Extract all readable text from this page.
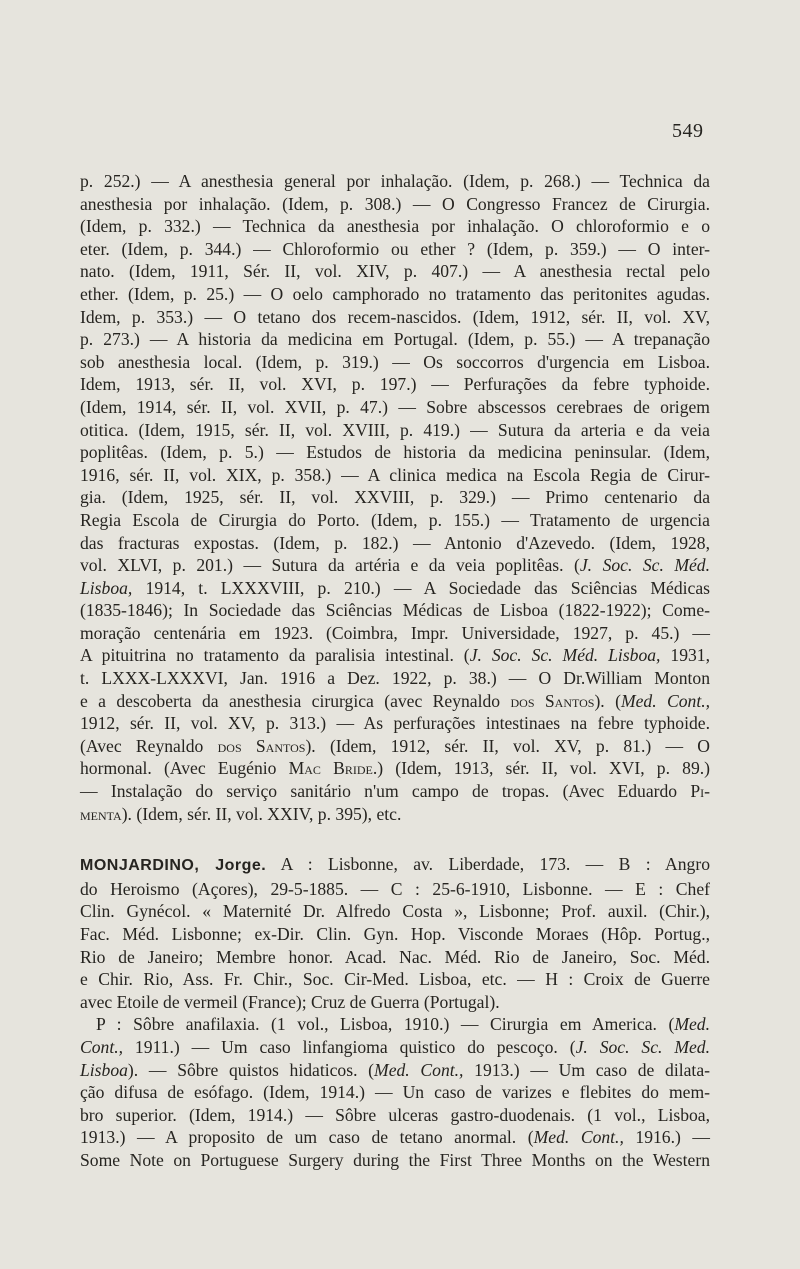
549
p. 252.) — A anesthesia general por inhalação. (Idem, p. 268.) — Technica da
anesthesia por inhalação. (Idem, p. 308.) — O Congresso Francez de Cirurgia.
(Idem, p. 332.) — Technica da anesthesia por inhalação. O chloroformio e o
eter. (Idem, p. 344.) — Chloroformio ou ether ? (Idem, p. 359.) — O inter-
nato. (Idem, 1911, Sér. II, vol. XIV, p. 407.) — A anesthesia rectal pelo
ether. (Idem, p. 25.) — O oelo camphorado no tratamento das peritonites agudas.
Idem, p. 353.) — O tetano dos recem-nascidos. (Idem, 1912, sér. II, vol. XV,
p. 273.) — A historia da medicina em Portugal. (Idem, p. 55.) — A trepanação
sob anesthesia local. (Idem, p. 319.) — Os soccorros d'urgencia em Lisboa.
Idem, 1913, sér. II, vol. XVI, p. 197.) — Perfurações da febre typhoide.
(Idem, 1914, sér. II, vol. XVII, p. 47.) — Sobre abscessos cerebraes de origem
otitica. (Idem, 1915, sér. II, vol. XVIII, p. 419.) — Sutura da arteria e da veia
poplitêas. (Idem, p. 5.) — Estudos de historia da medicina peninsular. (Idem,
1916, sér. II, vol. XIX, p. 358.) — A clinica medica na Escola Regia de Cirur-
gia. (Idem, 1925, sér. II, vol. XXVIII, p. 329.) — Primo centenario da
Regia Escola de Cirurgia do Porto. (Idem, p. 155.) — Tratamento de urgencia
das fracturas expostas. (Idem, p. 182.) — Antonio d'Azevedo. (Idem, 1928,
vol. XLVI, p. 201.) — Sutura da artéria e da veia poplitêas. (J. Soc. Sc. Méd.
Lisboa, 1914, t. LXXXVIII, p. 210.) — A Sociedade das Sciências Médicas
(1835-1846); In Sociedade das Sciências Médicas de Lisboa (1822-1922); Come-
moração centenária em 1923. (Coimbra, Impr. Universidade, 1927, p. 45.) —
A pituitrina no tratamento da paralisia intestinal. (J. Soc. Sc. Méd. Lisboa, 1931,
t. LXXX-LXXXVI, Jan. 1916 a Dez. 1922, p. 38.) — O Dr.William Monton
e a descoberta da anesthesia cirurgica (avec Reynaldo dos Santos). (Med. Cont.,
1912, sér. II, vol. XV, p. 313.) — As perfurações intestinaes na febre typhoide.
(Avec Reynaldo dos Santos). (Idem, 1912, sér. II, vol. XV, p. 81.) — O
hormonal. (Avec Eugénio Mac Bride.) (Idem, 1913, sér. II, vol. XVI, p. 89.)
— Instalação do serviço sanitário n'um campo de tropas. (Avec Eduardo Pi-
menta). (Idem, sér. II, vol. XXIV, p. 395), etc.
MONJARDINO, Jorge. A : Lisbonne, av. Liberdade, 173. — B : Angro
do Heroismo (Açores), 29-5-1885. — C : 25-6-1910, Lisbonne. — E : Chef
Clin. Gynécol. « Maternité Dr. Alfredo Costa », Lisbonne; Prof. auxil. (Chir.),
Fac. Méd. Lisbonne; ex-Dir. Clin. Gyn. Hop. Visconde Moraes (Hôp. Portug.,
Rio de Janeiro; Membre honor. Acad. Nac. Méd. Rio de Janeiro, Soc. Méd.
e Chir. Rio, Ass. Fr. Chir., Soc. Cir-Med. Lisboa, etc. — H : Croix de Guerre
avec Etoile de vermeil (France); Cruz de Guerra (Portugal).
P : Sôbre anafilaxia. (1 vol., Lisboa, 1910.) — Cirurgia em America. (Med.
Cont., 1911.) — Um caso linfangioma quistico do pescoço. (J. Soc. Sc. Med.
Lisboa). — Sôbre quistos hidaticos. (Med. Cont., 1913.) — Um caso de dilata-
ção difusa de esófago. (Idem, 1914.) — Un caso de varizes e flebites do mem-
bro superior. (Idem, 1914.) — Sôbre ulceras gastro-duodenais. (1 vol., Lisboa,
1913.) — A proposito de um caso de tetano anormal. (Med. Cont., 1916.) —
Some Note on Portuguese Surgery during the First Three Months on the Western
